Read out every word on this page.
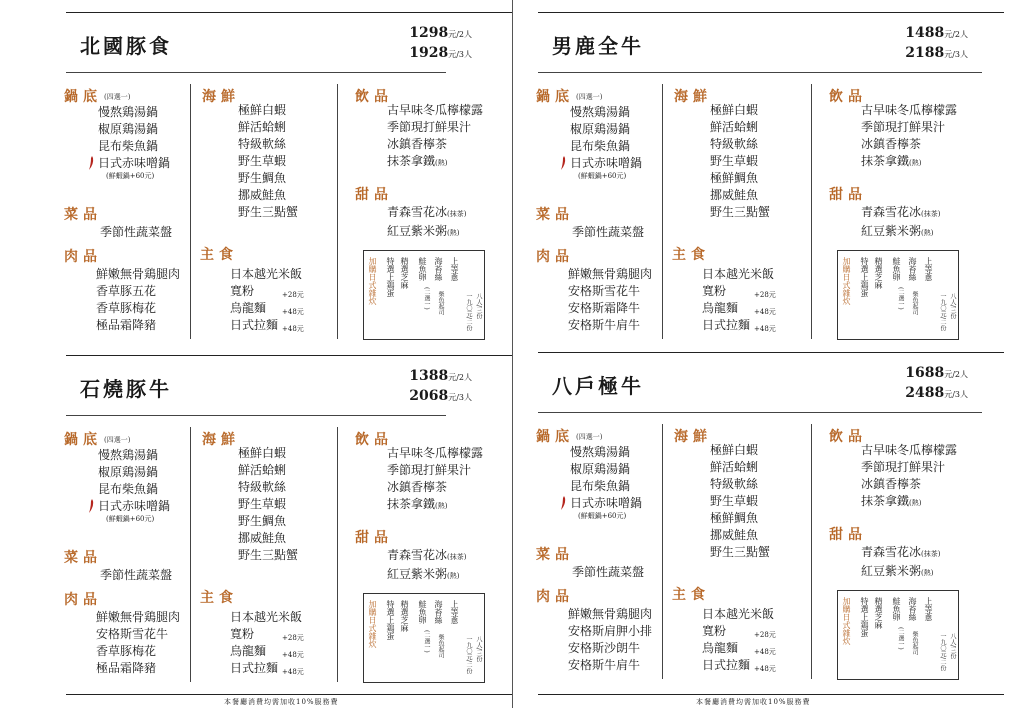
北國豚食
1298元/2人
1928元/3人
鍋底 (四選一)
慢熬鶏湯鍋
椒原鶏湯鍋
昆布柴魚鍋
日式赤味噌鍋
(鮮蝦鍋+60元)
菜品
季節性蔬菜盤
肉品
鮮嫩無骨鶏腿肉
香草豚五花
香草豚梅花
極品霜降豬
海鮮
極鮮白蝦
鮮活蛤蜊
特級軟絲
野生草蝦
野生鯛魚
挪威鮭魚
野生三點蟹
主食
日本越光米飯
寬粉	+28元
烏龍麵 +48元
日式拉麵 +48元
飲品
古早味冬瓜檸檬露
季節現打鮮果汁
冰鎮香檸茶
抹茶拿鐵(熱)
甜品
青森雪花冰(抹茶)
紅豆紫米粥(熱)
加購日式雜炊 特選上鶏蛋 精選芝麻 鮭魚卵 海苔絲 上等蔥
(二選一) 柴魚起司	一九〇元/二份 八人/三份
石燒豚牛
1388元/2人
2068元/3人
鍋底 (四選一)
慢熬鶏湯鍋
椒原鶏湯鍋
昆布柴魚鍋
日式赤味噌鍋
(鮮蝦鍋+60元)
菜品
季節性蔬菜盤
肉品
鮮嫩無骨鶏腿肉
安格斯雪花牛
香草豚梅花
極品霜降豬
海鮮
極鮮白蝦
鮮活蛤蜊
特級軟絲
野生草蝦
野生鯛魚
挪威鮭魚
野生三點蟹
主食
日本越光米飯
寬粉	+28元
烏龍麵 +48元
日式拉麵 +48元
飲品
古早味冬瓜檸檬露
季節現打鮮果汁
冰鎮香檸茶
抹茶拿鐵(熱)
甜品
青森雪花冰(抹茶)
紅豆紫米粥(熱)
加購日式雜炊 特選上鶏蛋 精選芝麻 鮭魚卵 海苔絲 上等蔥
(二選一) 柴魚起司	一九〇元/二份 八人/三份
本餐廳消費均需加收10%服務費
男鹿全牛
1488元/2人
2188元/3人
鍋底 (四選一)
慢熬鶏湯鍋
椒原鶏湯鍋
昆布柴魚鍋
日式赤味噌鍋
(鮮蝦鍋+60元)
菜品
季節性蔬菜盤
肉品
鮮嫩無骨鶏腿肉
安格斯雪花牛
安格斯霜降牛
安格斯牛肩牛
海鮮
極鮮白蝦
鮮活蛤蜊
特級軟絲
野生草蝦
極鮮鯛魚
挪威鮭魚
野生三點蟹
主食
日本越光米飯
寬粉	+28元
烏龍麵 +48元
日式拉麵 +48元
飲品
古早味冬瓜檸檬露
季節現打鮮果汁
冰鎮香檸茶
抹茶拿鐵(熱)
甜品
青森雪花冰(抹茶)
紅豆紫米粥(熱)
加購日式雜炊 特選上鶏蛋 精選芝麻 鮭魚卵 海苔絲 上等蔥
(二選一) 柴魚起司	一九〇元/二份 八人/三份
八戶極牛
1688元/2人
2488元/3人
鍋底 (四選一)
慢熬鶏湯鍋
椒原鶏湯鍋
昆布柴魚鍋
日式赤味噌鍋
(鮮蝦鍋+60元)
菜品
季節性蔬菜盤
肉品
鮮嫩無骨鶏腿肉
安格斯肩胛小排
安格斯沙朗牛
安格斯牛肩牛
海鮮
極鮮白蝦
鮮活蛤蜊
特級軟絲
野生草蝦
極鮮鯛魚
挪威鮭魚
野生三點蟹
主食
日本越光米飯
寬粉	+28元
烏龍麵 +48元
日式拉麵 +48元
飲品
古早味冬瓜檸檬露
季節現打鮮果汁
冰鎮香檸茶
抹茶拿鐵(熱)
甜品
青森雪花冰(抹茶)
紅豆紫米粥(熱)
加購日式雜炊 特選上鶏蛋 精選芝麻 鮭魚卵 海苔絲 上等蔥
(二選一) 柴魚起司	一九〇元/二份 八人/三份
本餐廳消費均需加收10%服務費
